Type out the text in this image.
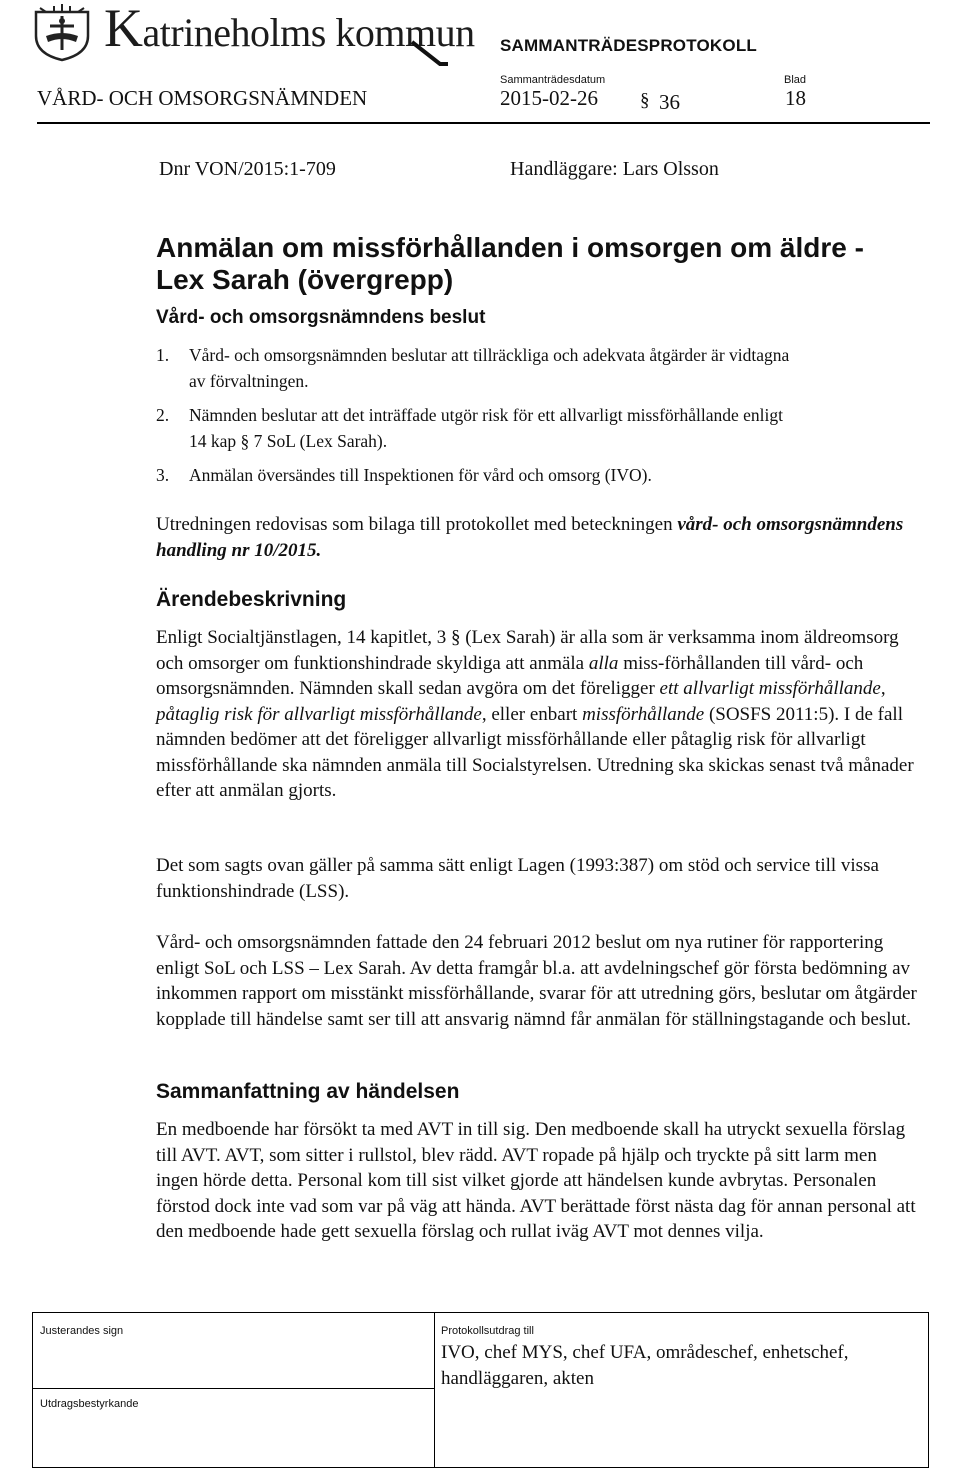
Katrineholms kommun SAMMANTRÄDESPROTOKOLL
Sammanträdesdatum	Blad
VÅRD- OCH OMSORGSNÄMNDEN	2015-02-26 § 36	18
Dnr VON/2015:1-709	Handläggare: Lars Olsson
Anmälan om missförhållanden i omsorgen om äldre - Lex Sarah (övergrepp)
Vård- och omsorgsnämndens beslut
1. Vård- och omsorgsnämnden beslutar att tillräckliga och adekvata åtgärder är vidtagna
av förvaltningen.
2. Nämnden beslutar att det inträffade utgör risk för ett allvarligt missförhållande enligt
14 kap § 7 SoL (Lex Sarah).
3. Anmälan översändes till Inspektionen för vård och omsorg (IVO).
Utredningen redovisas som bilaga till protokollet med beteckningen vård- och omsorgsnämndens handling nr 10/2015.
Ärendebeskrivning
Enligt Socialtjänstlagen, 14 kapitlet, 3 § (Lex Sarah) är alla som är verksamma inom äldreomsorg och omsorger om funktionshindrade skyldiga att anmäla alla miss-förhållanden till vård- och omsorgsnämnden. Nämnden skall sedan avgöra om det föreligger ett allvarligt missförhållande, påtaglig risk för allvarligt missförhållande, eller enbart missförhållande (SOSFS 2011:5). I de fall nämnden bedömer att det föreligger allvarligt missförhållande eller påtaglig risk för allvarligt missförhållande ska nämnden anmäla till Socialstyrelsen. Utredning ska skickas senast två månader efter att anmälan gjorts.
Det som sagts ovan gäller på samma sätt enligt Lagen (1993:387) om stöd och service till vissa funktionshindrade (LSS).
Vård- och omsorgsnämnden fattade den 24 februari 2012 beslut om nya rutiner för rapportering enligt SoL och LSS – Lex Sarah. Av detta framgår bl.a. att avdelningschef gör första bedömning av inkommen rapport om misstänkt missförhållande, svarar för att utredning görs, beslutar om åtgärder kopplade till händelse samt ser till att ansvarig nämnd får anmälan för ställningstagande och beslut.
Sammanfattning av händelsen
En medboende har försökt ta med AVT in till sig. Den medboende skall ha utryckt sexuella förslag till AVT. AVT, som sitter i rullstol, blev rädd. AVT ropade på hjälp och tryckte på sitt larm men ingen hörde detta. Personal kom till sist vilket gjorde att händelsen kunde avbrytas. Personalen förstod dock inte vad som var på väg att hända. AVT berättade först nästa dag för annan personal att den medboende hade gett sexuella förslag och rullat iväg AVT mot dennes vilja.
Justerandes sign
Utdragsbestyrkande
Protokollsutdrag till
IVO, chef MYS, chef UFA, områdeschef, enhetschef, handläggaren, akten
